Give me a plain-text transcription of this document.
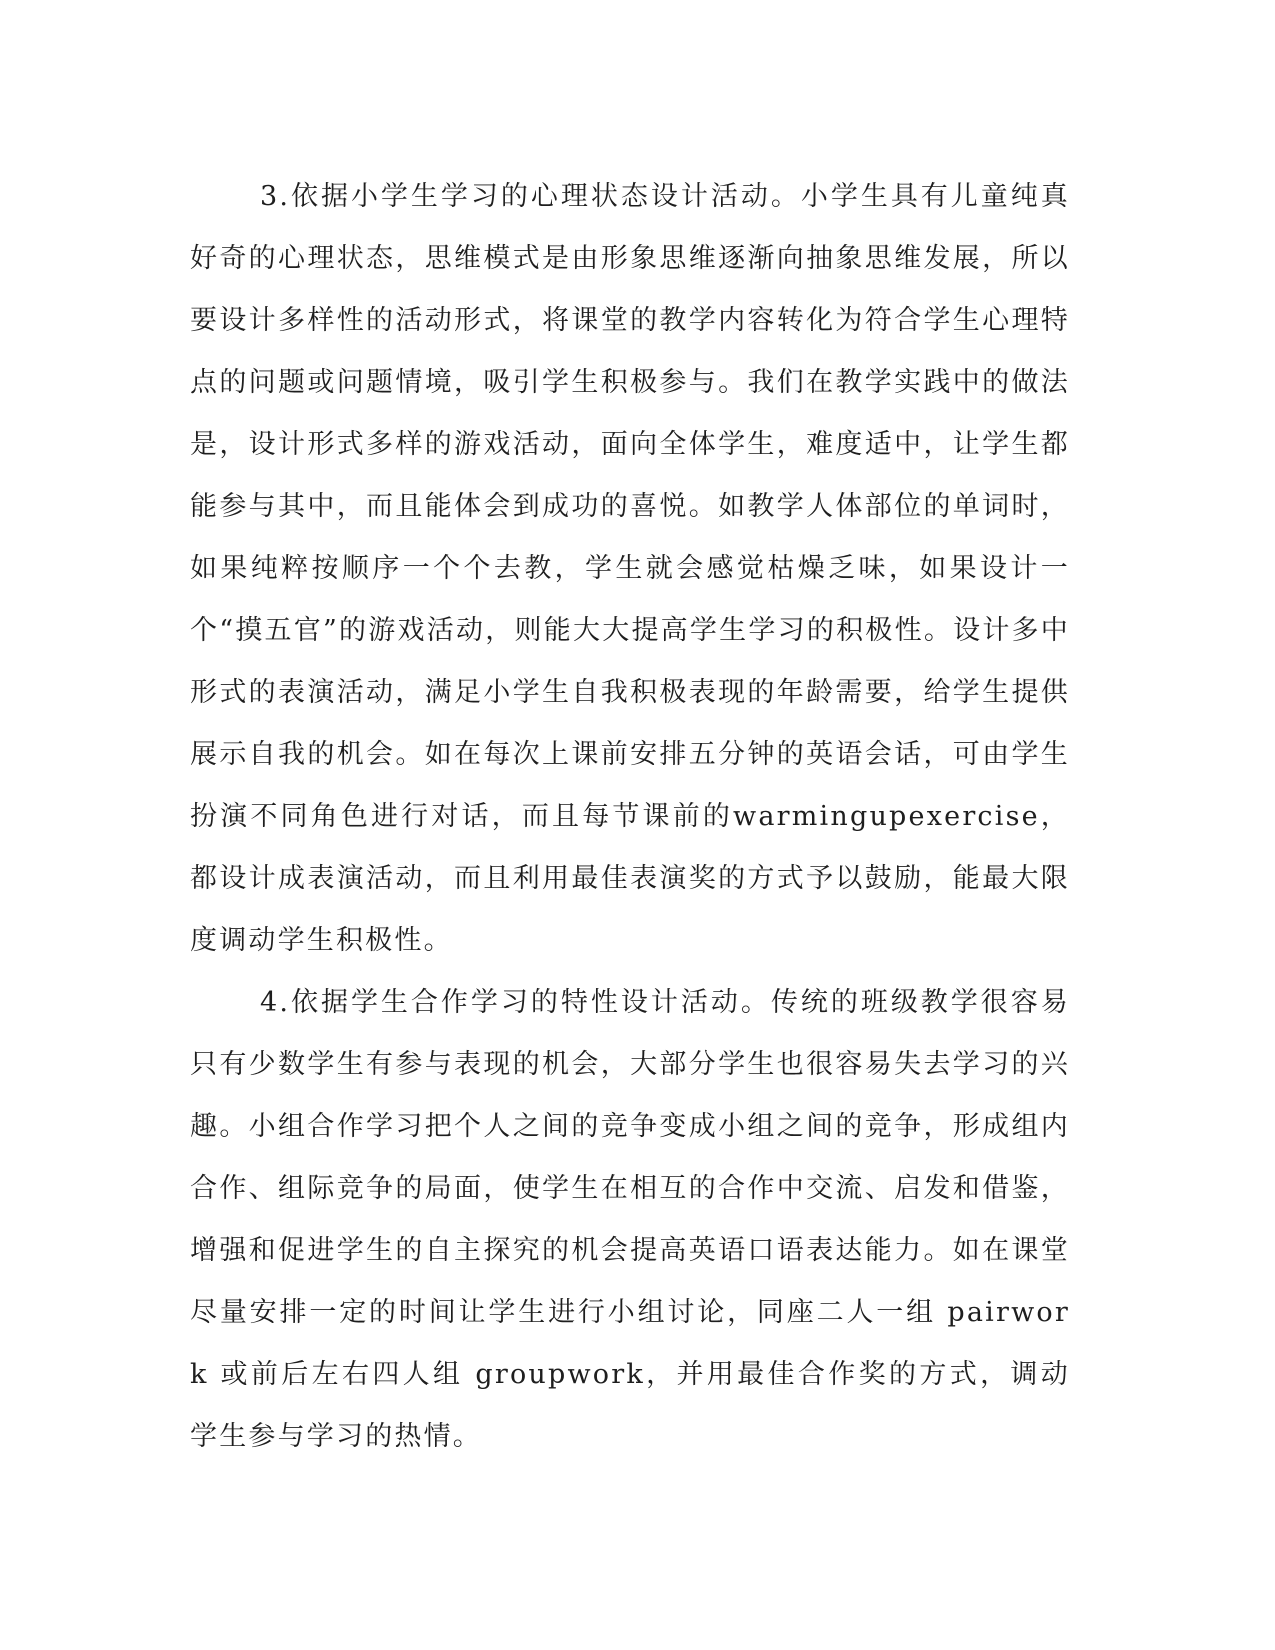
3.依据小学生学习的心理状态设计活动。小学生具有儿童纯真好奇的心理状态，思维模式是由形象思维逐渐向抽象思维发展，所以要设计多样性的活动形式，将课堂的教学内容转化为符合学生心理特点的问题或问题情境，吸引学生积极参与。我们在教学实践中的做法是，设计形式多样的游戏活动，面向全体学生，难度适中，让学生都能参与其中，而且能体会到成功的喜悦。如教学人体部位的单词时，如果纯粹按顺序一个个去教，学生就会感觉枯燥乏味，如果设计一个“摸五官”的游戏活动，则能大大提高学生学习的积极性。设计多中形式的表演活动，满足小学生自我积极表现的年龄需要，给学生提供展示自我的机会。如在每次上课前安排五分钟的英语会话，可由学生扮演不同角色进行对话，而且每节课前的warmingupexercise，都设计成表演活动，而且利用最佳表演奖的方式予以鼓励，能最大限度调动学生积极性。

4.依据学生合作学习的特性设计活动。传统的班级教学很容易只有少数学生有参与表现的机会，大部分学生也很容易失去学习的兴趣。小组合作学习把个人之间的竞争变成小组之间的竞争，形成组内合作、组际竞争的局面，使学生在相互的合作中交流、启发和借鉴，增强和促进学生的自主探究的机会提高英语口语表达能力。如在课堂尽量安排一定的时间让学生进行小组讨论，同座二人一组 pairwork 或前后左右四人组 groupwork，并用最佳合作奖的方式，调动学生参与学习的热情。
